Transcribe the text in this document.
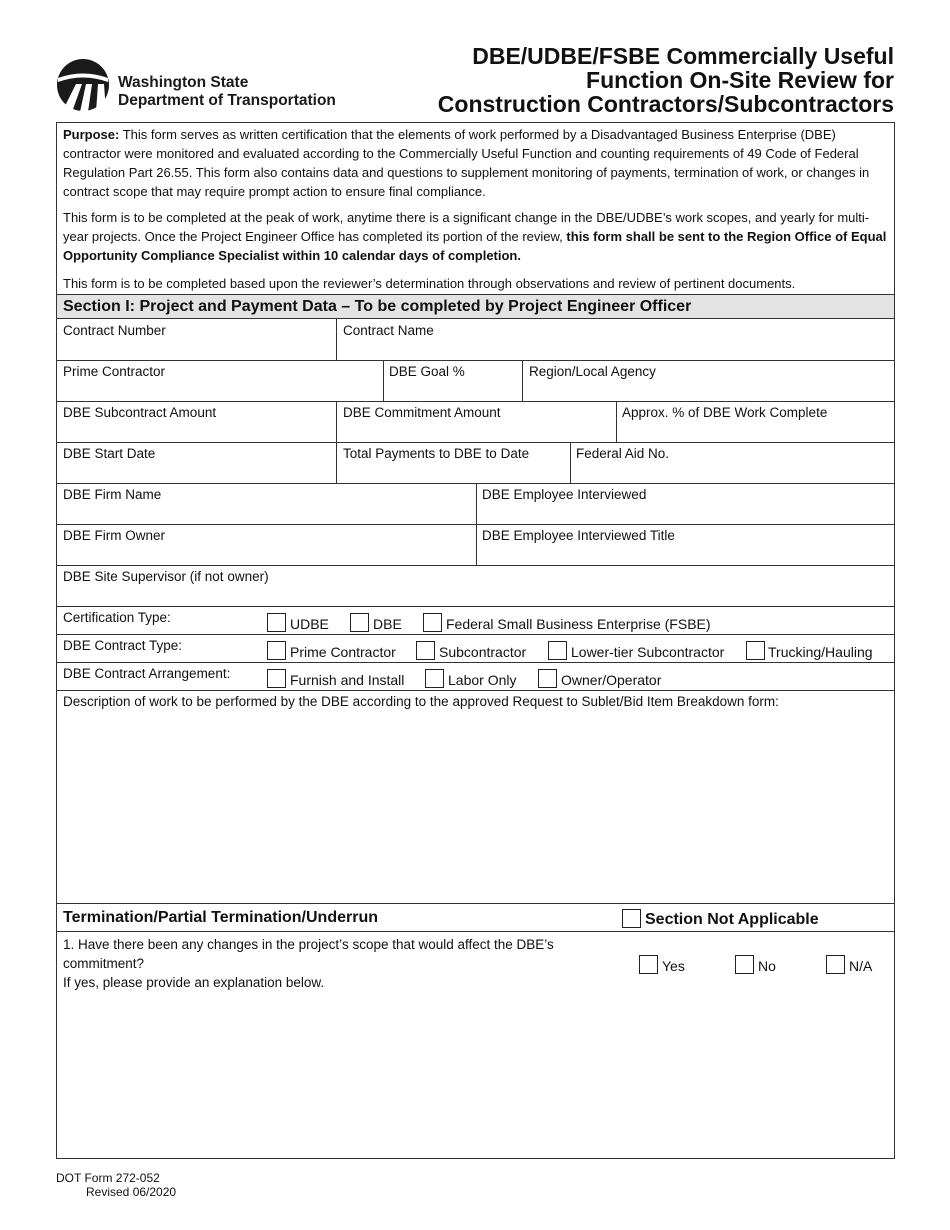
Washington State
Department of Transportation
DBE/UDBE/FSBE Commercially Useful
Function On-Site Review for
Construction Contractors/Subcontractors
Purpose: This form serves as written certification that the elements of work performed by a Disadvantaged Business Enterprise (DBE) contractor were monitored and evaluated according to the Commercially Useful Function and counting requirements of 49 Code of Federal Regulation Part 26.55. This form also contains data and questions to supplement monitoring of payments, termination of work, or changes in contract scope that may require prompt action to ensure final compliance.
This form is to be completed at the peak of work, anytime there is a significant change in the DBE/UDBE’s work scopes, and yearly for multi-year projects. Once the Project Engineer Office has completed its portion of the review, this form shall be sent to the Region Office of Equal Opportunity Compliance Specialist within 10 calendar days of completion.
This form is to be completed based upon the reviewer’s determination through observations and review of pertinent documents.
Section I: Project and Payment Data – To be completed by Project Engineer Officer
Contract Number	Contract Name
Prime Contractor	DBE Goal %	Region/Local Agency
DBE Subcontract Amount	DBE Commitment Amount	Approx. % of DBE Work Complete
DBE Start Date	Total Payments to DBE to Date	Federal Aid No.
DBE Firm Name	DBE Employee Interviewed
DBE Firm Owner	DBE Employee Interviewed Title
DBE Site Supervisor (if not owner)
Certification Type:	UDBE	DBE	Federal Small Business Enterprise (FSBE)
DBE Contract Type:	Prime Contractor	Subcontractor	Lower-tier Subcontractor	Trucking/Hauling
DBE Contract Arrangement:	Furnish and Install	Labor Only	Owner/Operator
Description of work to be performed by the DBE according to the approved Request to Sublet/Bid Item Breakdown form:
Termination/Partial Termination/Underrun	Section Not Applicable
1. Have there been any changes in the project’s scope that would affect the DBE’s commitment?
If yes, please provide an explanation below.
Yes	No	N/A
DOT Form 272-052
Revised 06/2020
